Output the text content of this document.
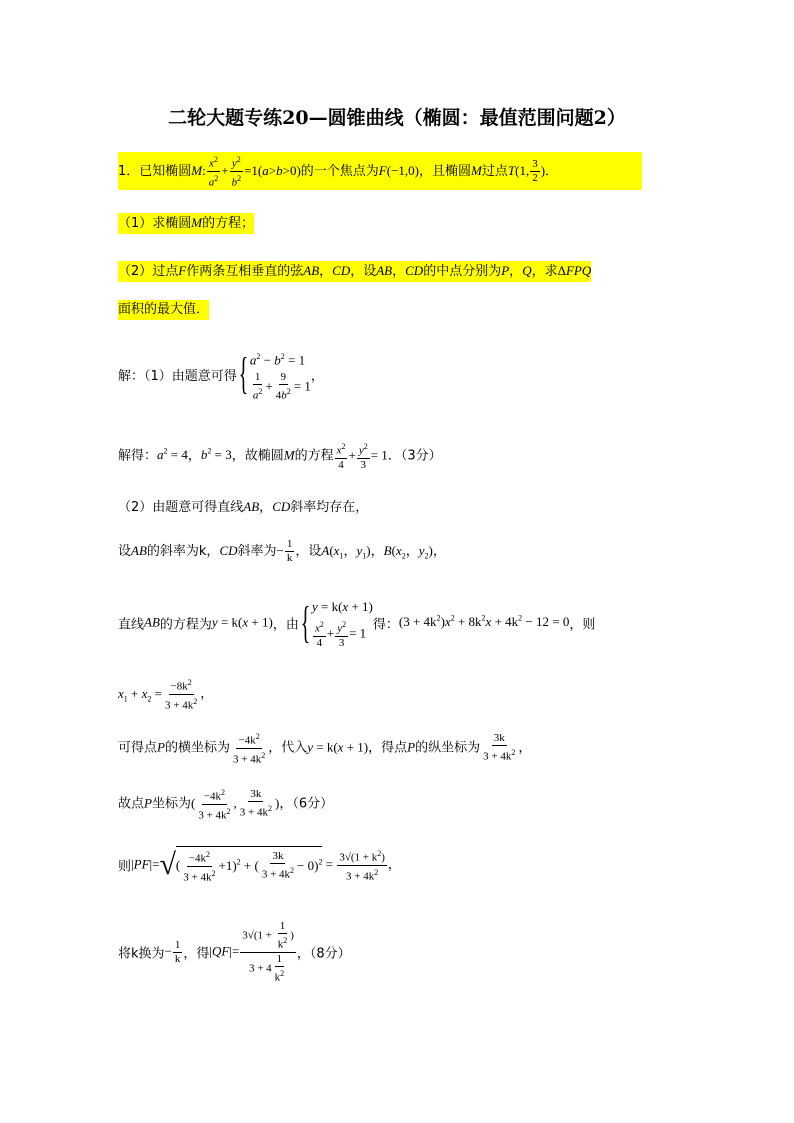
二轮大题专练20—圆锥曲线（椭圆：最值范围问题2）
1．已知椭圆M: $\frac{x^2}{a^2} + \frac{y^2}{b^2} =1(a>b>0)$的一个焦点为F(−1,0)，且椭圆M过点T(1, $\frac{3}{2}$ )．
（1）求椭圆M的方程；
（2）过点F作两条互相垂直的弦AB，CD，设AB，CD的中点分别为P，Q，求ΔFPQ
面积的最大值．
解：（1）由题意可得{ $a^2 - b^2 = 1$
$\frac{1}{a^2} + \frac{9}{4b^2} = 1$
，
解得：$a^2 = 4$，$b^2 = 3$，故椭圆M的方程 $\frac{x^2}{4} + \frac{y^2}{3} = 1$．（3分）
（2）由题意可得直线AB，CD斜率均存在，
设AB的斜率为k，CD斜率为− $\frac{1}{k}$ ，设$A(x_1$，$y_1$)，$B(x_2$，$y_2$)，
直线AB的方程为y = k(x + 1)，由{ y = k(x + 1)
$\frac{x^2}{4} + \frac{y^2}{3} = 1$
得：$(3 + 4k^2)x^2 + 8k^2x + 4k^2 - 12 = 0$，则
$x_1 + x_2 = \frac{-8k^2}{3 + 4k^2}$ ，
可得点P的横坐标为 $\frac{-4k^2}{3 + 4k^2}$ ，代入y = k(x + 1)，得点P的纵坐标为 $\frac{3k}{3 + 4k^2}$ ，
故点P坐标为( $\frac{-4k^2}{3 + 4k^2}$ , $\frac{3k}{3 + 4k^2}$ )，（6分）
则|PF|= √ ( $\frac{-4k^2}{3 + 4k^2} +1)^2$ + ( $\frac{3k}{3 + 4k^2} - 0)^2 = \frac{3√(1 + k^2)}{3 + 4k^2}$ ，
将k换为− $\frac{1}{k}$ ，得$|QF|= \frac{3√(1 + \frac{1}{k^2} )}{3 + 4 \frac{1}{k^2}}$ ，（8分）
